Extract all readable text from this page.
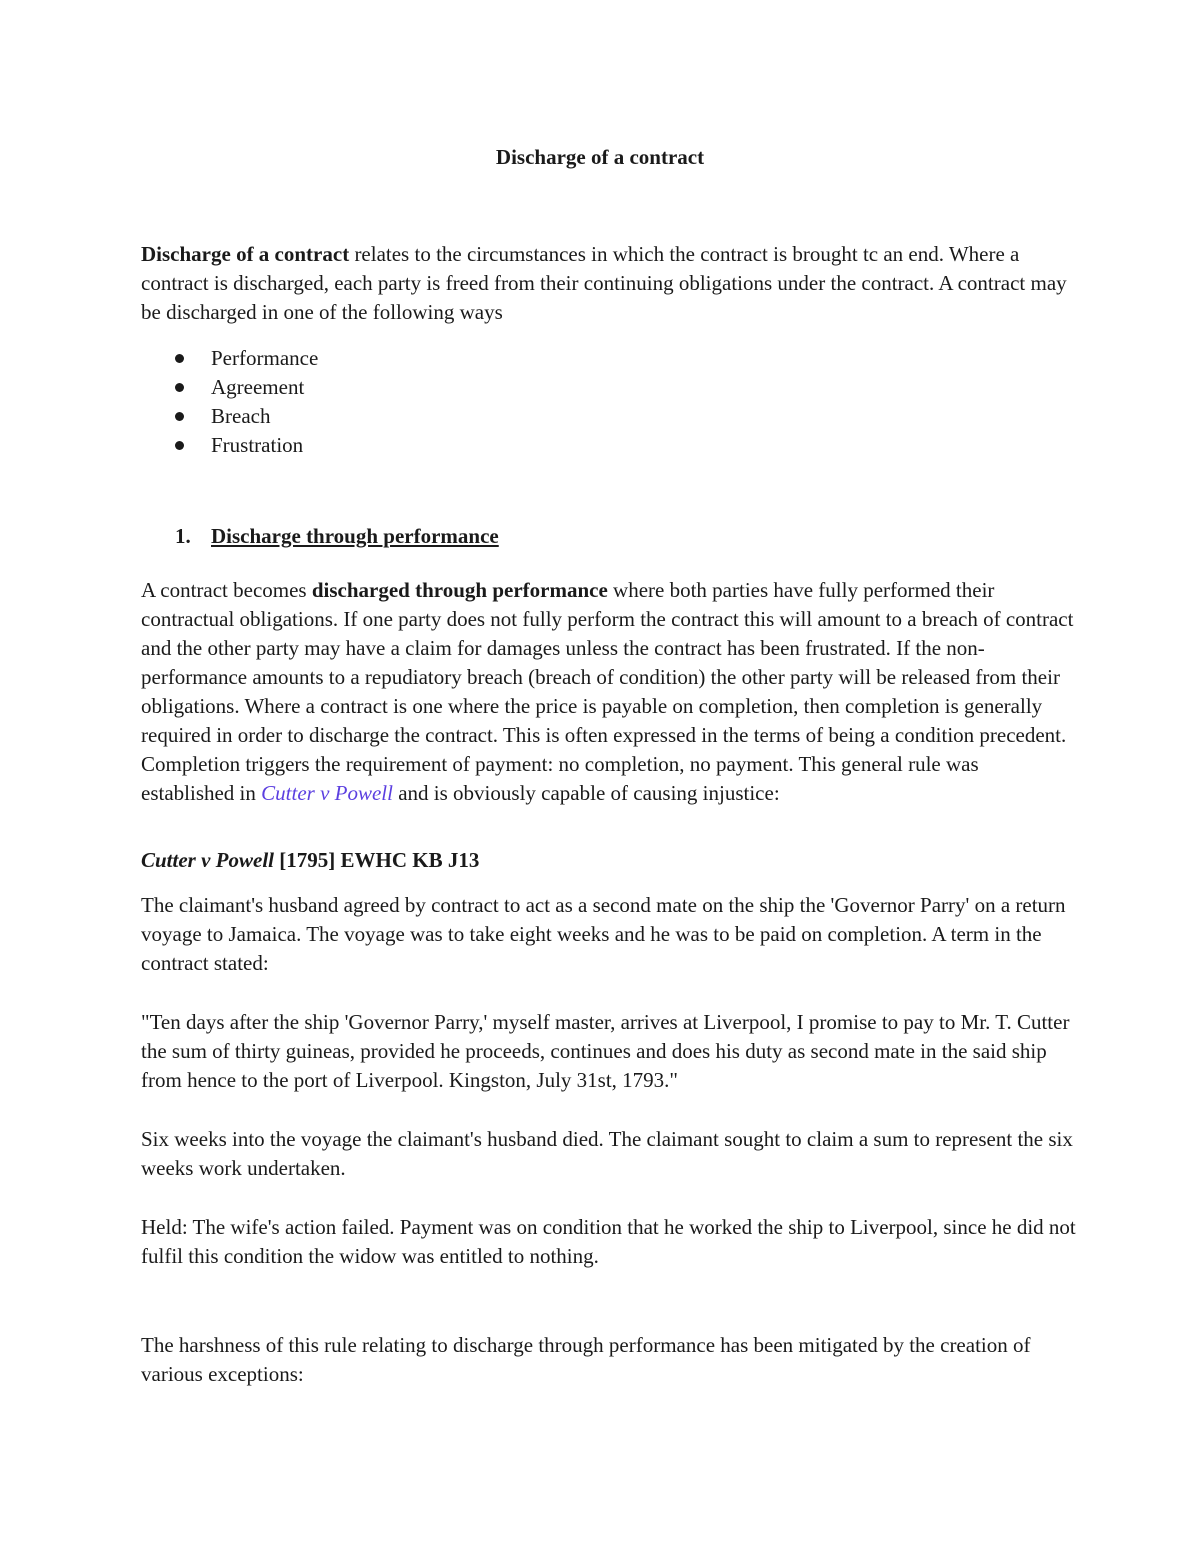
Discharge of a contract

Discharge of a contract relates to the circumstances in which the contract is brought tc an end. Where a contract is discharged, each party is freed from their continuing obligations under the contract. A contract may be discharged in one of the following ways

Performance
Agreement
Breach
Frustration
1. Discharge through performance

A contract becomes discharged through performance where both parties have fully performed their contractual obligations. If one party does not fully perform the contract this will amount to a breach of contract and the other party may have a claim for damages unless the contract has been frustrated. If the non-performance amounts to a repudiatory breach (breach of condition) the other party will be released from their obligations. Where a contract is one where the price is payable on completion, then completion is generally required in order to discharge the contract. This is often expressed in the terms of being a condition precedent. Completion triggers the requirement of payment: no completion, no payment. This general rule was established in Cutter v Powell and is obviously capable of causing injustice:

Cutter v Powell [1795] EWHC KB J13

The claimant's husband agreed by contract to act as a second mate on the ship the 'Governor Parry' on a return voyage to Jamaica. The voyage was to take eight weeks and he was to be paid on completion. A term in the contract stated:

"Ten days after the ship 'Governor Parry,' myself master, arrives at Liverpool, I promise to pay to Mr. T. Cutter the sum of thirty guineas, provided he proceeds, continues and does his duty as second mate in the said ship from hence to the port of Liverpool. Kingston, July 31st, 1793."

Six weeks into the voyage the claimant's husband died. The claimant sought to claim a sum to represent the six weeks work undertaken.

Held: The wife's action failed. Payment was on condition that he worked the ship to Liverpool, since he did not fulfil this condition the widow was entitled to nothing.

The harshness of this rule relating to discharge through performance has been mitigated by the creation of various exceptions:
